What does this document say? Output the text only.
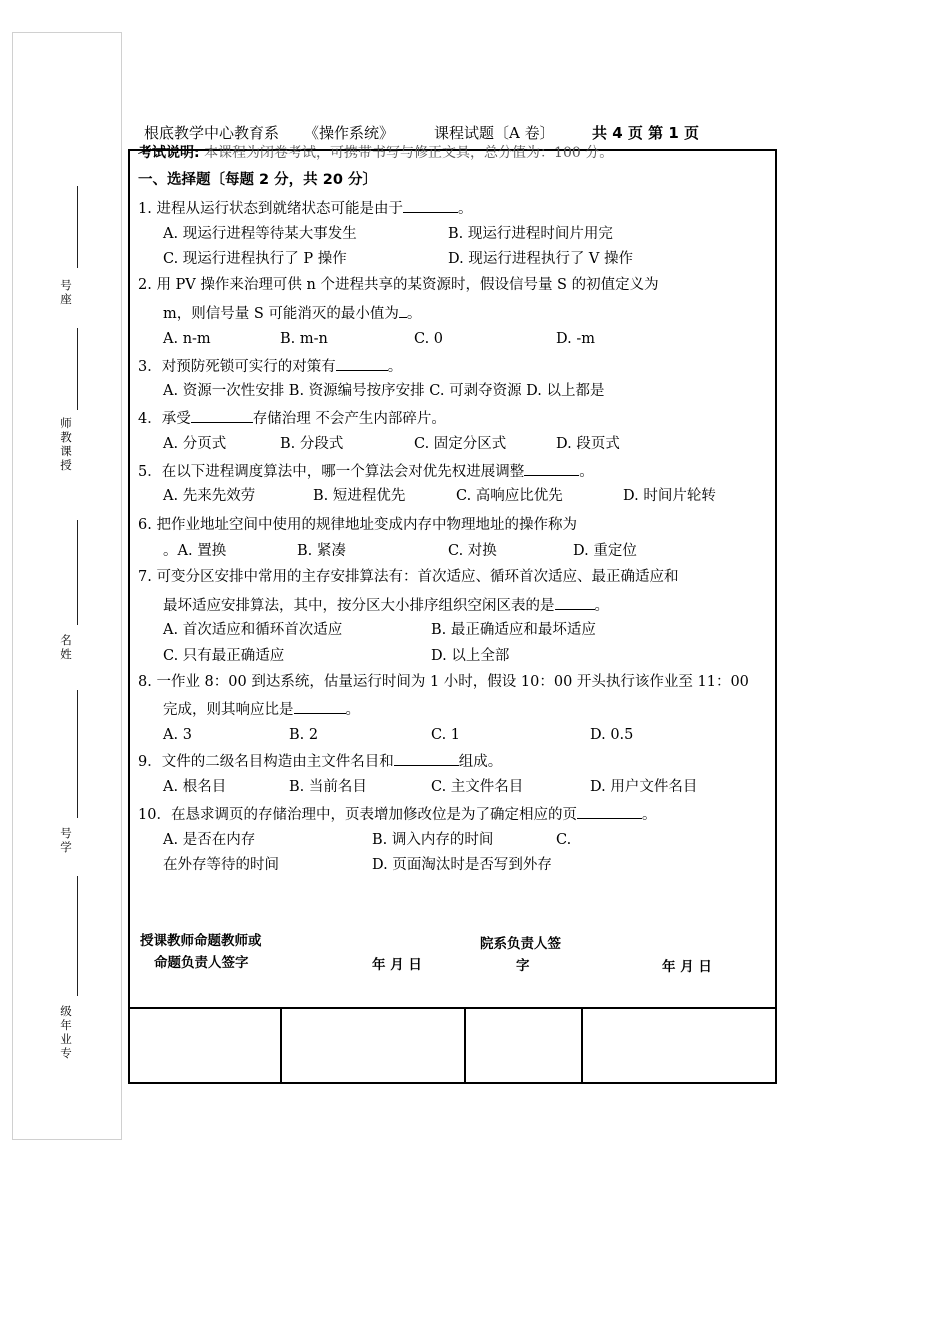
号座
师教课授
名姓
号学
级年业专
根底教学中心教育系 《操作系统》	课程试题〔A 卷〕 共 4 页 第 1 页
考试说明: 本课程为闭卷考试，可携带书写与修正文具，总分值为：100 分。
一、选择题〔每题 2 分，共 20 分〕
1. 进程从运行状态到就绪状态可能是由于	。
A. 现运行进程等待某大事发生	B. 现运行进程时间片用完
C. 现运行进程执行了 P 操作	D. 现运行进程执行了 V 操作
2. 用 PV 操作来治理可供 n 个进程共享的某资源时，假设信号量 S 的初值定义为
m，则信号量 S 可能消灭的最小值为 。
A. n-m	B. m-n	C. 0	D. -m
3．对预防死锁可实行的对策有	。
A. 资源一次性安排 B. 资源编号按序安排 C. 可剥夺资源 D. 以上都是
4．承受	存储治理 不会产生内部碎片。
A. 分页式	B. 分段式	C. 固定分区式	D. 段页式
5．在以下进程调度算法中，哪一个算法会对优先权进展调整	。
A. 先来先效劳	B. 短进程优先	C. 高响应比优先	D. 时间片轮转
6. 把作业地址空间中使用的规律地址变成内存中物理地址的操作称为
。A. 置换	B. 紧凑	C. 对换	D. 重定位
7. 可变分区安排中常用的主存安排算法有：首次适应、循环首次适应、最正确适应和
最坏适应安排算法，其中，按分区大小排序组织空闲区表的是	。
A. 首次适应和循环首次适应	B. 最正确适应和最坏适应
C. 只有最正确适应	D. 以上全部
8. 一作业 8：00 到达系统，估量运行时间为 1 小时，假设 10：00 开头执行该作业至 11：00
完成，则其响应比是	。
A. 3	B. 2	C. 1	D. 0.5
9．文件的二级名目构造由主文件名目和	组成。
A. 根名目	B. 当前名目	C. 主文件名目	D. 用户文件名目
10．在恳求调页的存储治理中，页表增加修改位是为了确定相应的页	。
A. 是否在内存	B. 调入内存的时间	C.
在外存等待的时间	D. 页面淘汰时是否写到外存
授课教师命题教师或
命题负责人签字	年 月 日
院系负责人签
字	年 月 日
